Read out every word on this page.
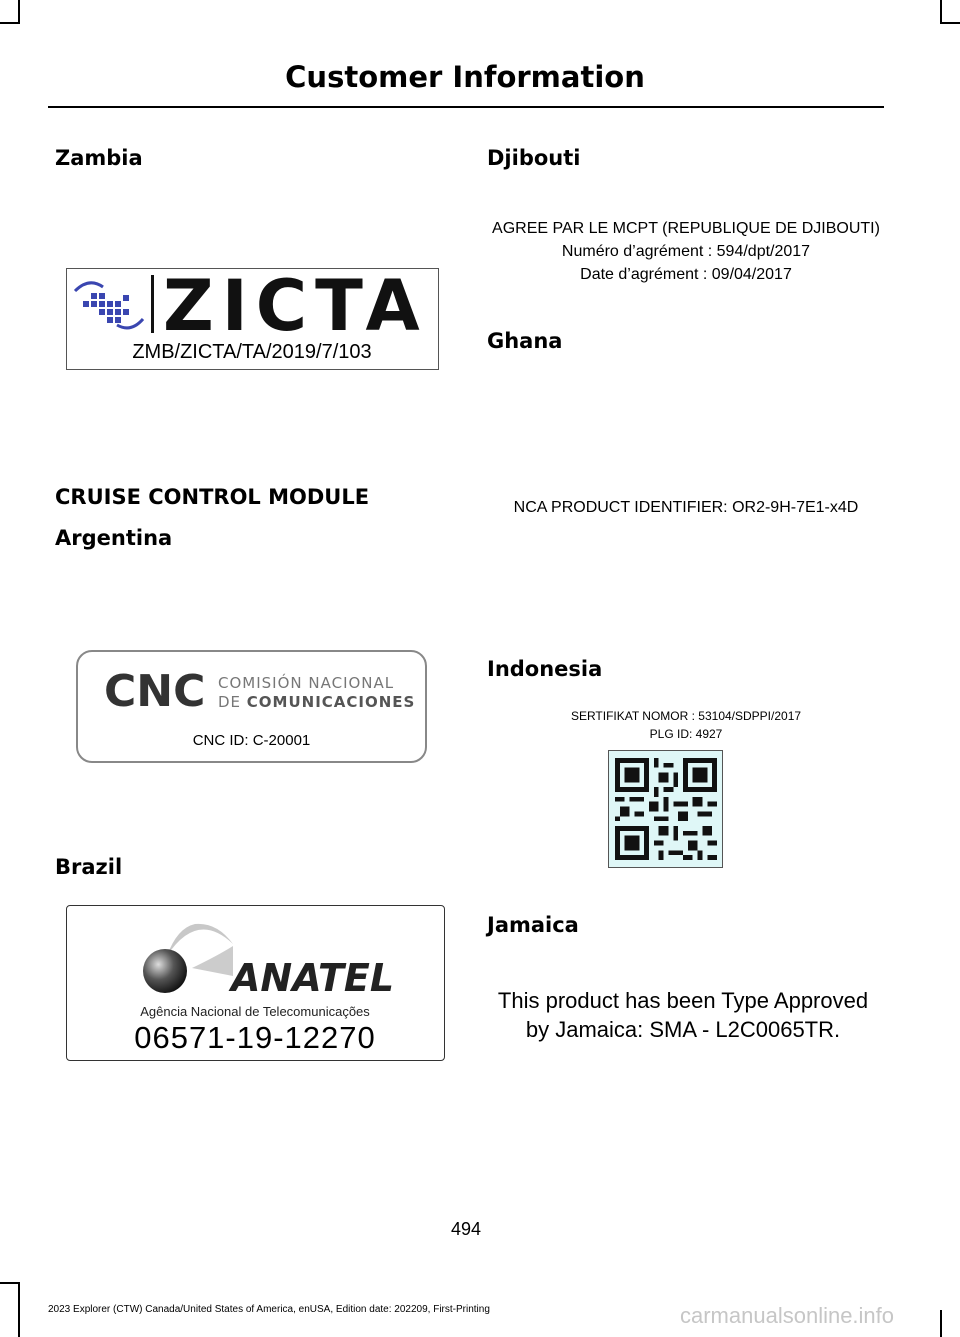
Customer Information
Zambia
ZICTA
ZMB/ZICTA/TA/2019/7/103
CRUISE CONTROL MODULE
Argentina
CNC COMISIÓN NACIONAL
DE COMUNICACIONES
CNC ID: C-20001
Brazil
ANATEL
Agência Nacional de Telecomunicações
06571-19-12270
Djibouti
AGREE PAR LE MCPT (REPUBLIQUE DE DJIBOUTI)
Numéro d’agrément : 594/dpt/2017
Date d’agrément : 09/04/2017
Ghana
NCA PRODUCT IDENTIFIER: OR2-9H-7E1-x4D
Indonesia
SERTIFIKAT NOMOR : 53104/SDPPI/2017
PLG ID: 4927
Jamaica
This product has been Type Approved
by Jamaica: SMA - L2C0065TR.
494
2023 Explorer (CTW) Canada/United States of America, enUSA, Edition date: 202209, First-Printing	carmanualsonline.info
